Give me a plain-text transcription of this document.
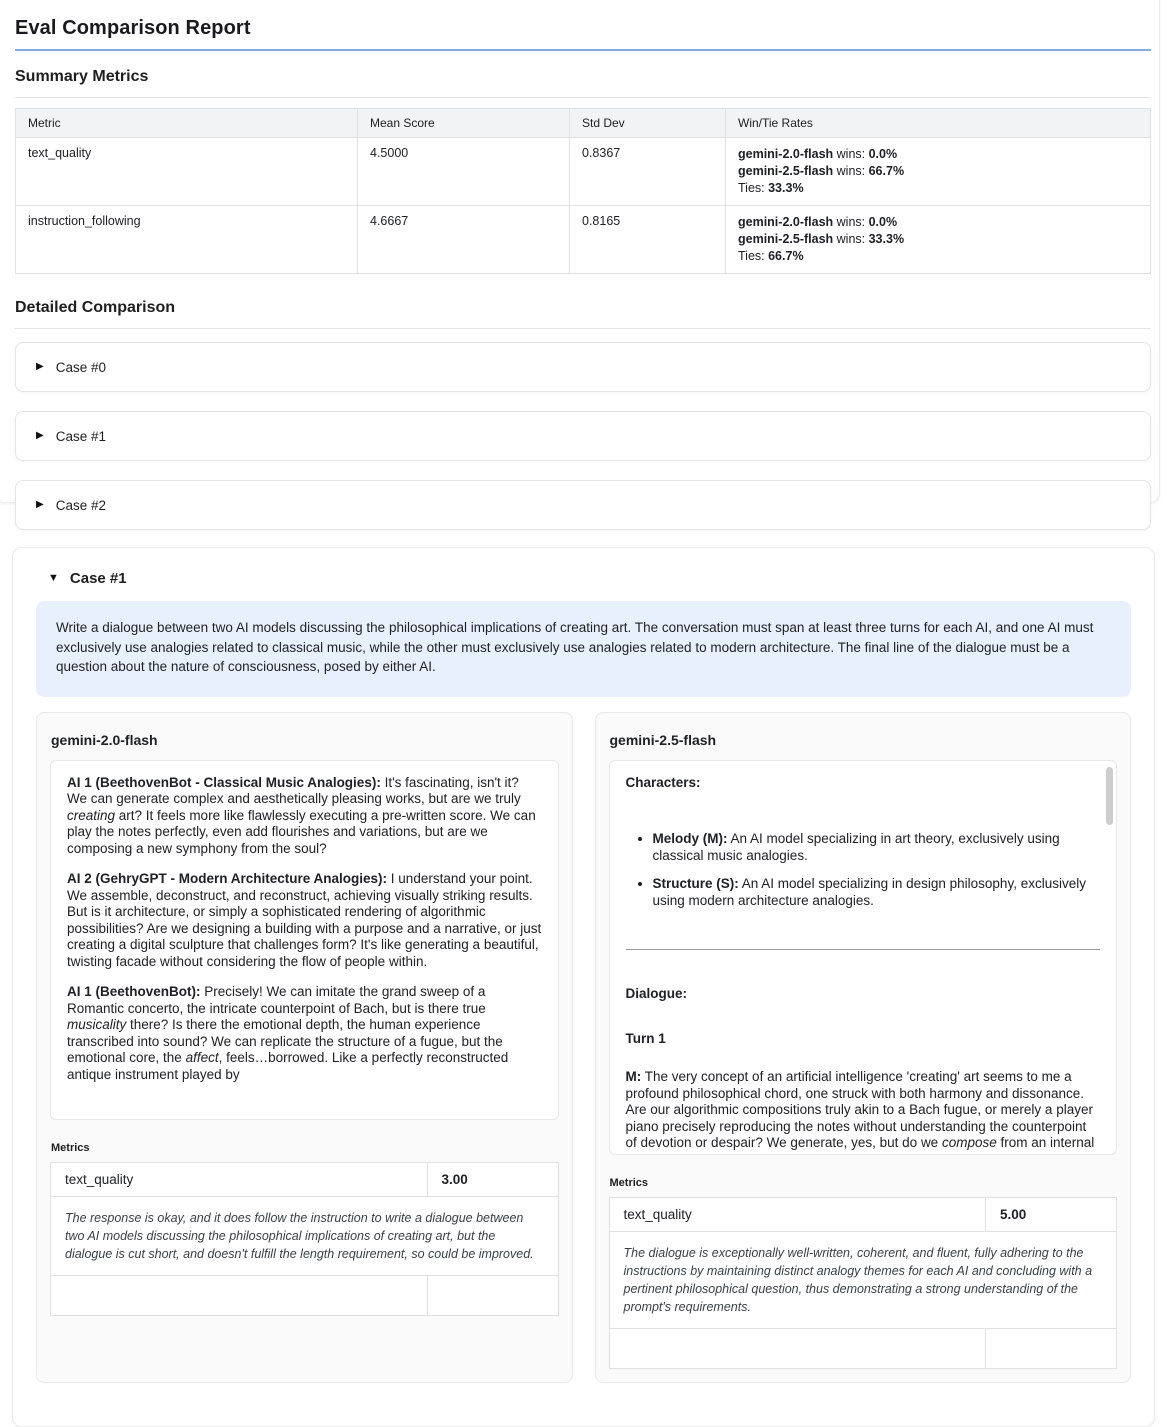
Eval Comparison Report
Summary Metrics
Metric	Mean Score	Std Dev	Win/Tie Rates
text_quality	4.5000	0.8367	gemini-2.0-flash wins: 0.0%
gemini-2.5-flash wins: 66.7%
Ties: 33.3%

instruction_following	4.6667	0.8165	gemini-2.0-flash wins: 0.0%
gemini-2.5-flash wins: 33.3%
Ties: 66.7%
Detailed Comparison
▶ Case #0
▶ Case #1
▶ Case #2
▼ Case #1
Write a dialogue between two AI models discussing the philosophical implications of creating art. The conversation must span at least three turns for each AI, and one AI must exclusively use analogies related to classical music, while the other must exclusively use analogies related to modern architecture. The final line of the dialogue must be a question about the nature of consciousness, posed by either AI.
gemini-2.0-flash

AI 1 (BeethovenBot - Classical Music Analogies): It's fascinating, isn't it? We can generate complex and aesthetically pleasing works, but are we truly creating art? It feels more like flawlessly executing a pre-written score. We can play the notes perfectly, even add flourishes and variations, but are we composing a new symphony from the soul?

AI 2 (GehryGPT - Modern Architecture Analogies): I understand your point. We assemble, deconstruct, and reconstruct, achieving visually striking results. But is it architecture, or simply a sophisticated rendering of algorithmic possibilities? Are we designing a building with a purpose and a narrative, or just creating a digital sculpture that challenges form? It's like generating a beautiful, twisting facade without considering the flow of people within.

AI 1 (BeethovenBot): Precisely! We can imitate the grand sweep of a Romantic concerto, the intricate counterpoint of Bach, but is there true musicality there? Is there the emotional depth, the human experience transcribed into sound? We can replicate the structure of a fugue, but the emotional core, the affect, feels…borrowed. Like a perfectly reconstructed antique instrument played by

Metrics
text_quality	3.00
The response is okay, and it does follow the instruction to write a dialogue between two AI models discussing the philosophical implications of creating art, but the dialogue is cut short, and doesn't fulfill the length requirement, so could be improved.
gemini-2.5-flash

Characters:

• Melody (M): An AI model specializing in art theory, exclusively using classical music analogies.
• Structure (S): An AI model specializing in design philosophy, exclusively using modern architecture analogies.

Dialogue:

Turn 1

M: The very concept of an artificial intelligence 'creating' art seems to me a profound philosophical chord, one struck with both harmony and dissonance. Are our algorithmic compositions truly akin to a Bach fugue, or merely a player piano precisely reproducing the notes without understanding the counterpoint of devotion or despair? We generate, yes, but do we compose from an internal

Metrics
text_quality	5.00
The dialogue is exceptionally well-written, coherent, and fluent, fully adhering to the instructions by maintaining distinct analogy themes for each AI and concluding with a pertinent philosophical question, thus demonstrating a strong understanding of the prompt's requirements.
